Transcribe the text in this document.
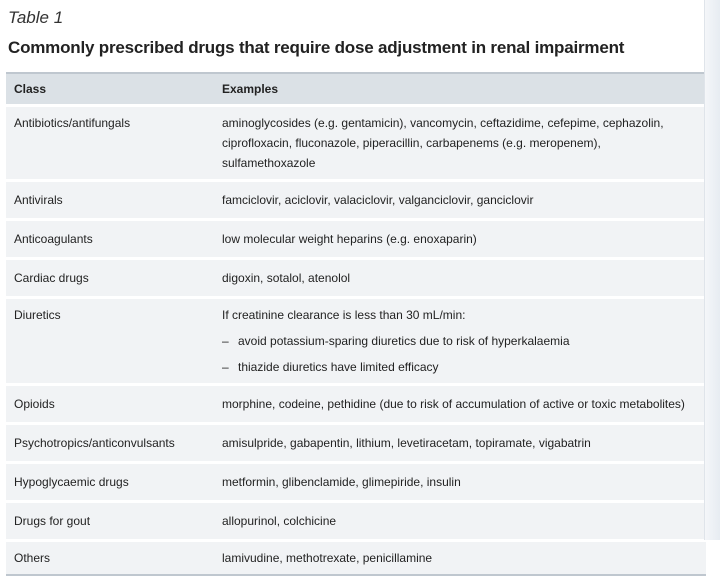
Table 1
Commonly prescribed drugs that require dose adjustment in renal impairment
Class	Examples
Antibiotics/antifungals	aminoglycosides (e.g. gentamicin), vancomycin, ceftazidime, cefepime, cephazolin,
ciprofloxacin, fluconazole, piperacillin, carbapenems (e.g. meropenem),
sulfamethoxazole
Antivirals	famciclovir, aciclovir, valaciclovir, valganciclovir, ganciclovir
Anticoagulants	low molecular weight heparins (e.g. enoxaparin)
Cardiac drugs	digoxin, sotalol, atenolol
Diuretics	If creatinine clearance is less than 30 mL/min:
– avoid potassium-sparing diuretics due to risk of hyperkalaemia
– thiazide diuretics have limited efficacy
Opioids	morphine, codeine, pethidine (due to risk of accumulation of active or toxic metabolites)
Psychotropics/anticonvulsants	amisulpride, gabapentin, lithium, levetiracetam, topiramate, vigabatrin
Hypoglycaemic drugs	metformin, glibenclamide, glimepiride, insulin
Drugs for gout	allopurinol, colchicine
Others	lamivudine, methotrexate, penicillamine
